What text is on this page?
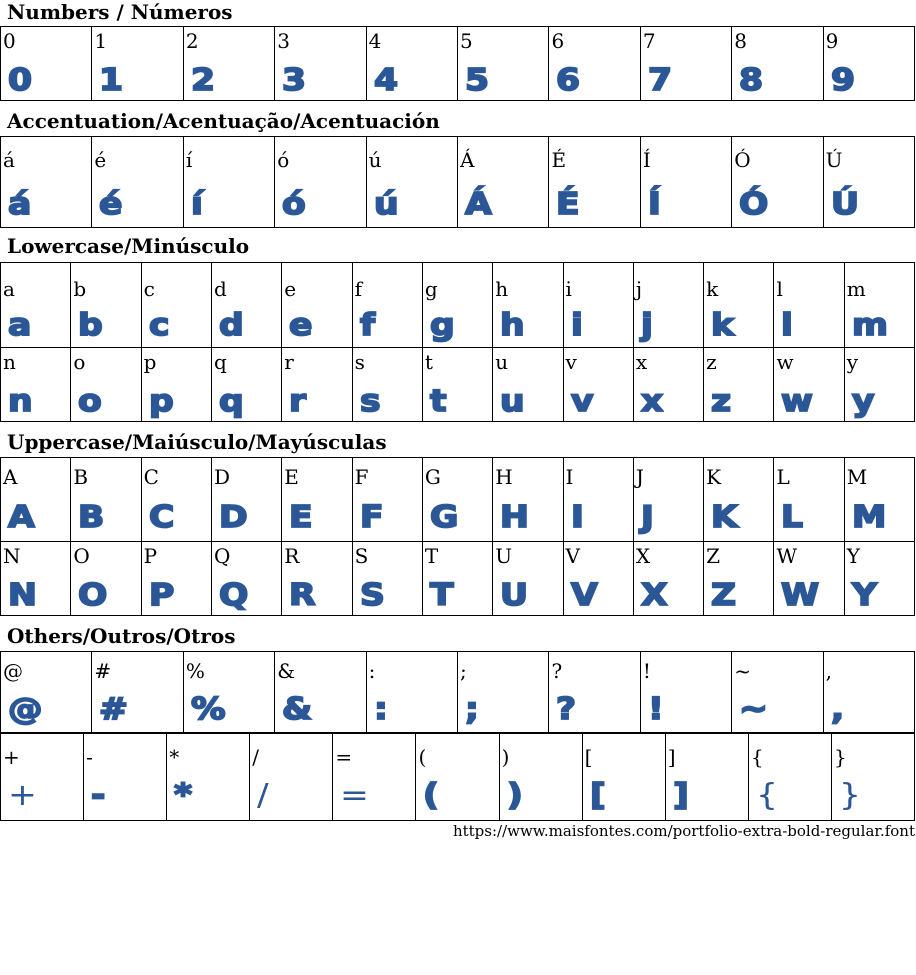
Numbers / Números
0
0
1
1
2
2
3
3
4
4
5
5
6
6
7
7
8
8
9
9
Accentuation/Acentuação/Acentuación
á
á
é
é
í
í
ó
ó
ú
ú
Á
Á
É
É
Í
Í
Ó
Ó
Ú
Ú
Lowercase/Minúsculo
a
a
b
b
c
c
d
d
e
e
f
f
g
g
h
h
i
i
j
j
k
k
l
l
m
m
n
n
o
o
p
p
q
q
r
r
s
s
t
t
u
u
v
v
x
x
z
z
w
w
y
y
Uppercase/Maiúsculo/Mayúsculas
A
A
B
B
C
C
D
D
E
E
F
F
G
G
H
H
I
I
J
J
K
K
L
L
M
M
N
N
O
O
P
P
Q
Q
R
R
S
S
T
T
U
U
V
V
X
X
Z
Z
W
W
Y
Y
Others/Outros/Otros
@
@
#
#
%
%
&
&
:
:
;
;
?
?
!
!
~
~
,
,
+
+
-
-
*
*
/
/
=
=
(
(
)
)
[
[
]
]
{
{
}
}
https://www.maisfontes.com/portfolio-extra-bold-regular.font
